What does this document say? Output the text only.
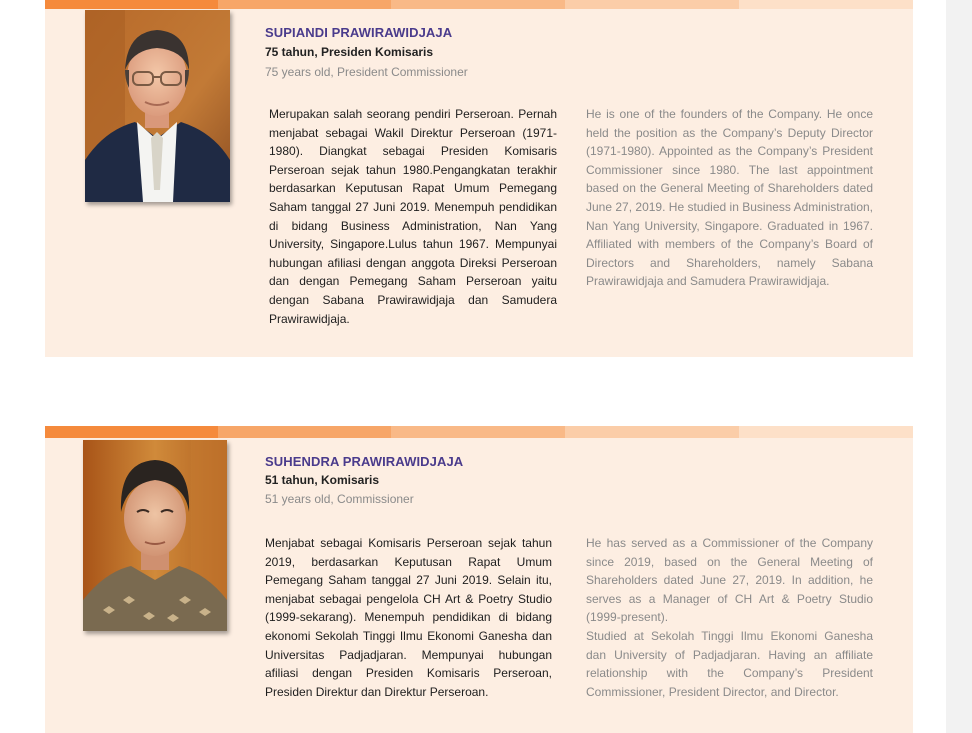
SUPIANDI PRAWIRAWIDJAJA
75 tahun, Presiden Komisaris
75 years old, President Commissioner

Merupakan salah seorang pendiri Perseroan. Pernah menjabat sebagai Wakil Direktur Perseroan (1971-1980). Diangkat sebagai Presiden Komisaris Perseroan sejak tahun 1980.Pengangkatan terakhir berdasarkan Keputusan Rapat Umum Pemegang Saham tanggal 27 Juni 2019. Menempuh pendidikan di bidang Business Administration, Nan Yang University, Singapore.Lulus tahun 1967. Mempunyai hubungan afiliasi dengan anggota Direksi Perseroan dan dengan Pemegang Saham Perseroan yaitu dengan Sabana Prawirawidjaja dan Samudera Prawirawidjaja.

He is one of the founders of the Company. He once held the position as the Company’s Deputy Director (1971-1980). Appointed as the Company’s President Commissioner since 1980. The last appointment based on the General Meeting of Shareholders dated June 27, 2019. He studied in Business Administration, Nan Yang University, Singapore. Graduated in 1967. Affiliated with members of the Company’s Board of Directors and Shareholders, namely Sabana Prawirawidjaja and Samudera Prawirawidjaja.

SUHENDRA PRAWIRAWIDJAJA
51 tahun, Komisaris
51 years old, Commissioner

Menjabat sebagai Komisaris Perseroan sejak tahun 2019, berdasarkan Keputusan Rapat Umum Pemegang Saham tanggal 27 Juni 2019. Selain itu, menjabat sebagai pengelola CH Art & Poetry Studio (1999-sekarang). Menempuh pendidikan di bidang ekonomi Sekolah Tinggi Ilmu Ekonomi Ganesha dan Universitas Padjadjaran. Mempunyai hubungan afiliasi dengan Presiden Komisaris Perseroan, Presiden Direktur dan Direktur Perseroan.

He has served as a Commissioner of the Company since 2019, based on the General Meeting of Shareholders dated June 27, 2019. In addition, he serves as a Manager of CH Art & Poetry Studio (1999-present).

Studied at Sekolah Tinggi Ilmu Ekonomi Ganesha dan University of Padjadjaran. Having an affiliate relationship with the Company’s President Commissioner, President Director, and Director.
